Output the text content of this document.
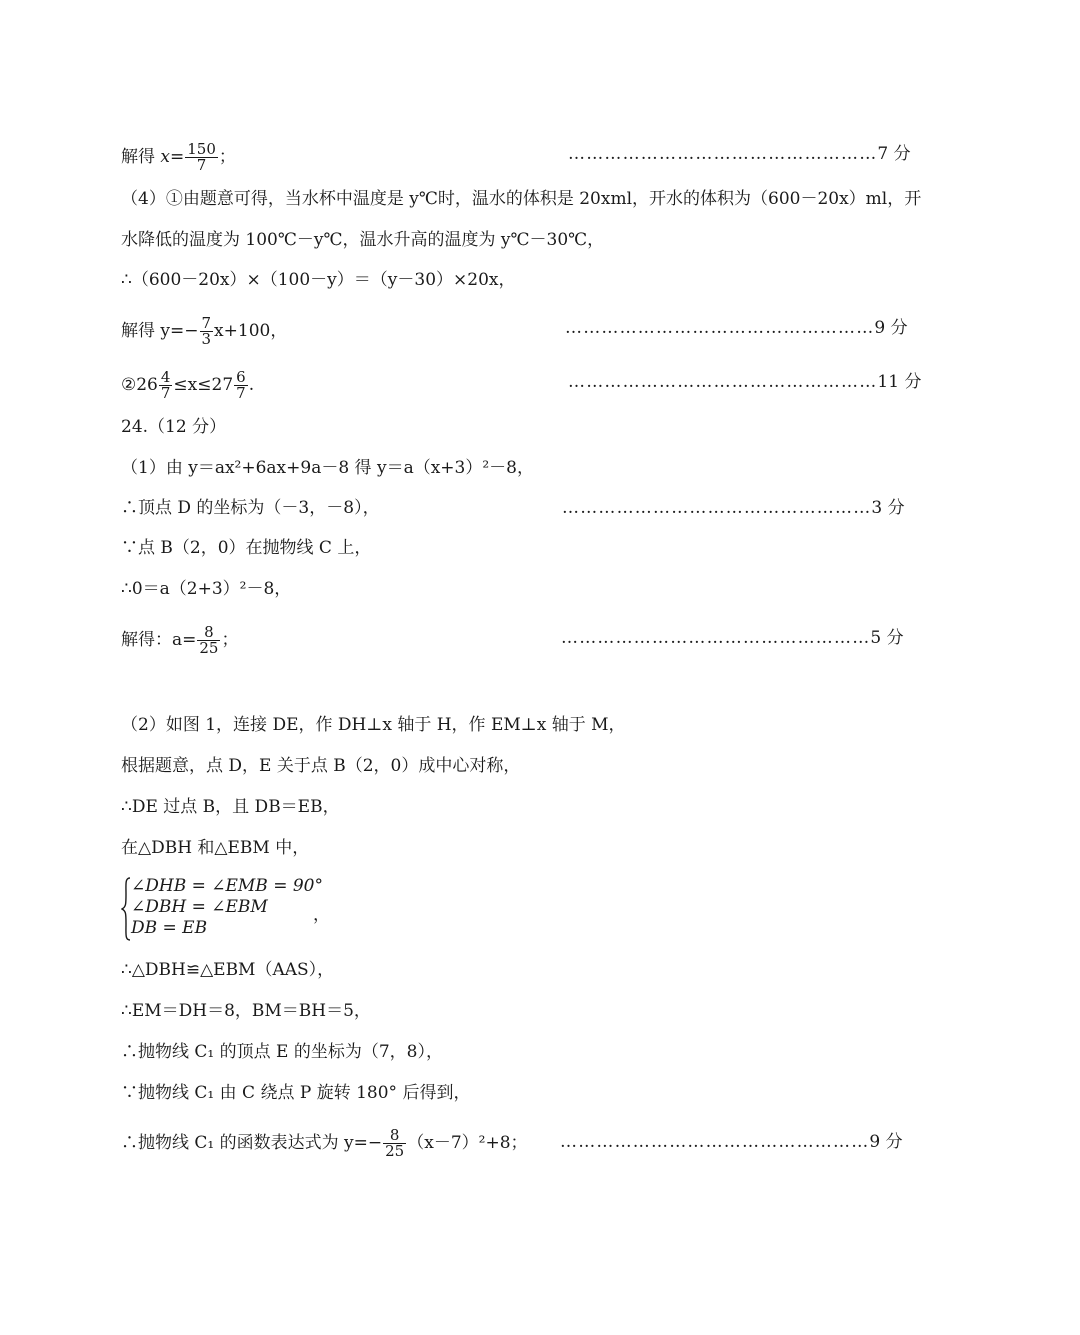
解得 $x= \frac{150}{7}$ ；	……………………………………………7 分
（4）①由题意可得，当水杯中温度是 y℃时，温水的体积是 20xml，开水的体积为（600－20x）ml，开
水降低的温度为 100℃－y℃，温水升高的温度为 y℃－30℃，
∴（600－20x）×（100－y）＝（y－30）×20x，
解得 $y=- \frac{7}{3} x+100$，	……………………………………………9 分
②26 $\frac{4}{7} \le x\le 27 \frac{6}{7}$ .	……………………………………………11 分
24.（12 分）
（1）由 y＝ax²+6ax+9a－8 得 y＝a（x+3）²－8，
∴顶点 D 的坐标为（－3，－8），	……………………………………………3 分
∵点 B（2，0）在抛物线 C 上，
∴0＝a（2+3）²－8，
解得：$a= \frac{8}{25}$ ；	……………………………………………5 分
（2）如图 1，连接 DE，作 DH⊥x 轴于 H，作 EM⊥x 轴于 M，
根据题意，点 D，E 关于点 B（2，0）成中心对称，
∴DE 过点 B，且 DB＝EB，
在△DBH 和△EBM 中，
∠DHB = ∠EMB = 90°
∠DBH = ∠EBM
DB = EB
，
∴△DBH≌△EBM（AAS），
∴EM＝DH＝8，BM＝BH＝5，
∴抛物线 C₁ 的顶点 E 的坐标为（7，8），
∵抛物线 C₁ 由 C 绕点 P 旋转 180° 后得到，
∴抛物线 C₁ 的函数表达式为 $y=- \frac{8}{25} (x-7)^2+8$； ……………………………………………9 分
